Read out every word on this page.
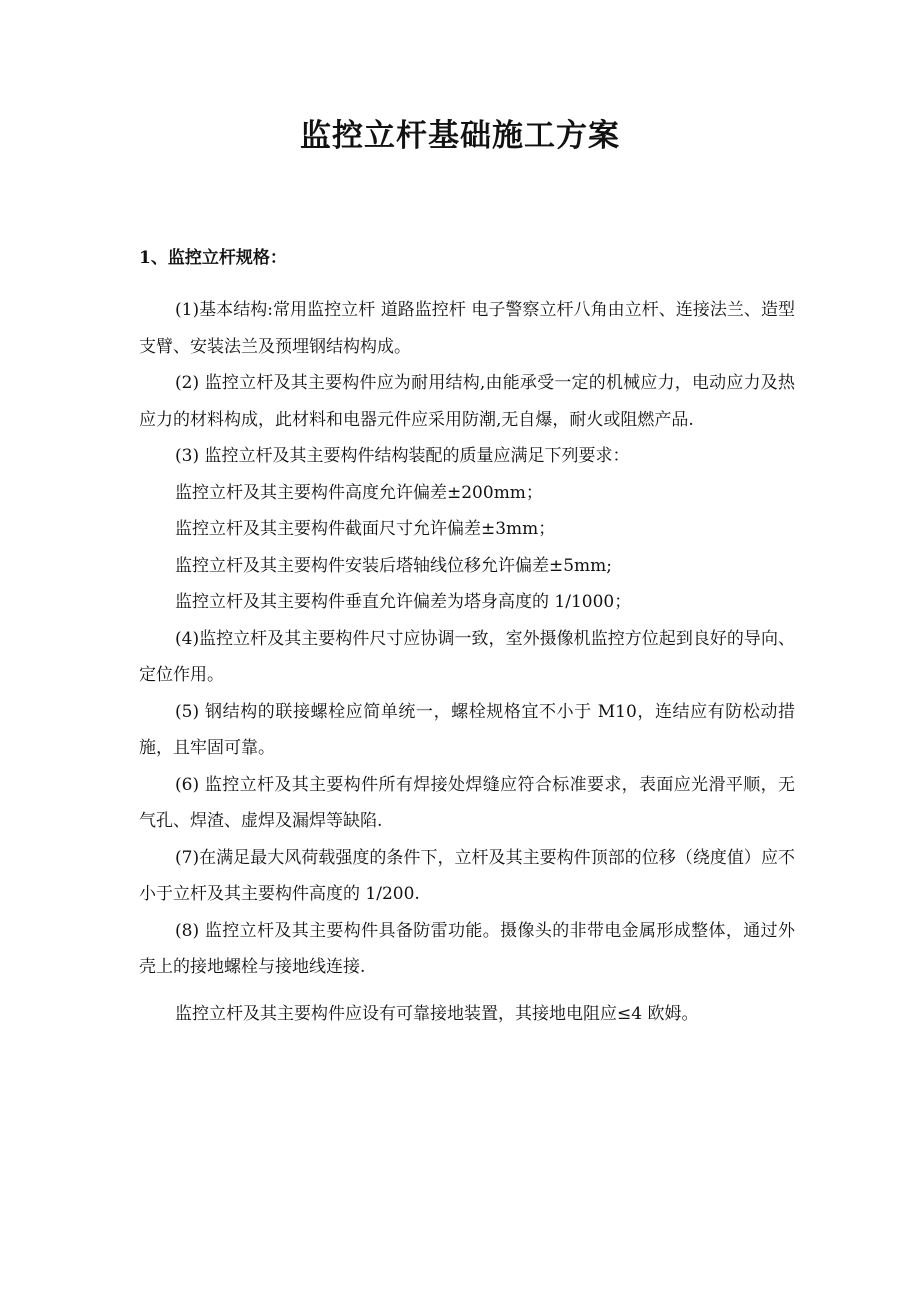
监控立杆基础施工方案
1、监控立杆规格：

(1)基本结构:常用监控立杆 道路监控杆 电子警察立杆八角由立杆、连接法兰、造型支臂、安装法兰及预埋钢结构构成。

(2) 监控立杆及其主要构件应为耐用结构,由能承受一定的机械应力，电动应力及热应力的材料构成，此材料和电器元件应采用防潮,无自爆，耐火或阻燃产品.

(3) 监控立杆及其主要构件结构装配的质量应满足下列要求：

监控立杆及其主要构件高度允许偏差±200mm；

监控立杆及其主要构件截面尺寸允许偏差±3mm；

监控立杆及其主要构件安装后塔轴线位移允许偏差±5mm;

监控立杆及其主要构件垂直允许偏差为塔身高度的 1/1000；

(4)监控立杆及其主要构件尺寸应协调一致，室外摄像机监控方位起到良好的导向、定位作用。

(5) 钢结构的联接螺栓应简单统一，螺栓规格宜不小于 M10，连结应有防松动措施，且牢固可靠。

(6) 监控立杆及其主要构件所有焊接处焊缝应符合标准要求，表面应光滑平顺，无气孔、焊渣、虚焊及漏焊等缺陷.

(7)在满足最大风荷载强度的条件下，立杆及其主要构件顶部的位移（绕度值）应不小于立杆及其主要构件高度的 1/200.

(8) 监控立杆及其主要构件具备防雷功能。摄像头的非带电金属形成整体，通过外壳上的接地螺栓与接地线连接.

监控立杆及其主要构件应设有可靠接地装置，其接地电阻应≤4 欧姆。
